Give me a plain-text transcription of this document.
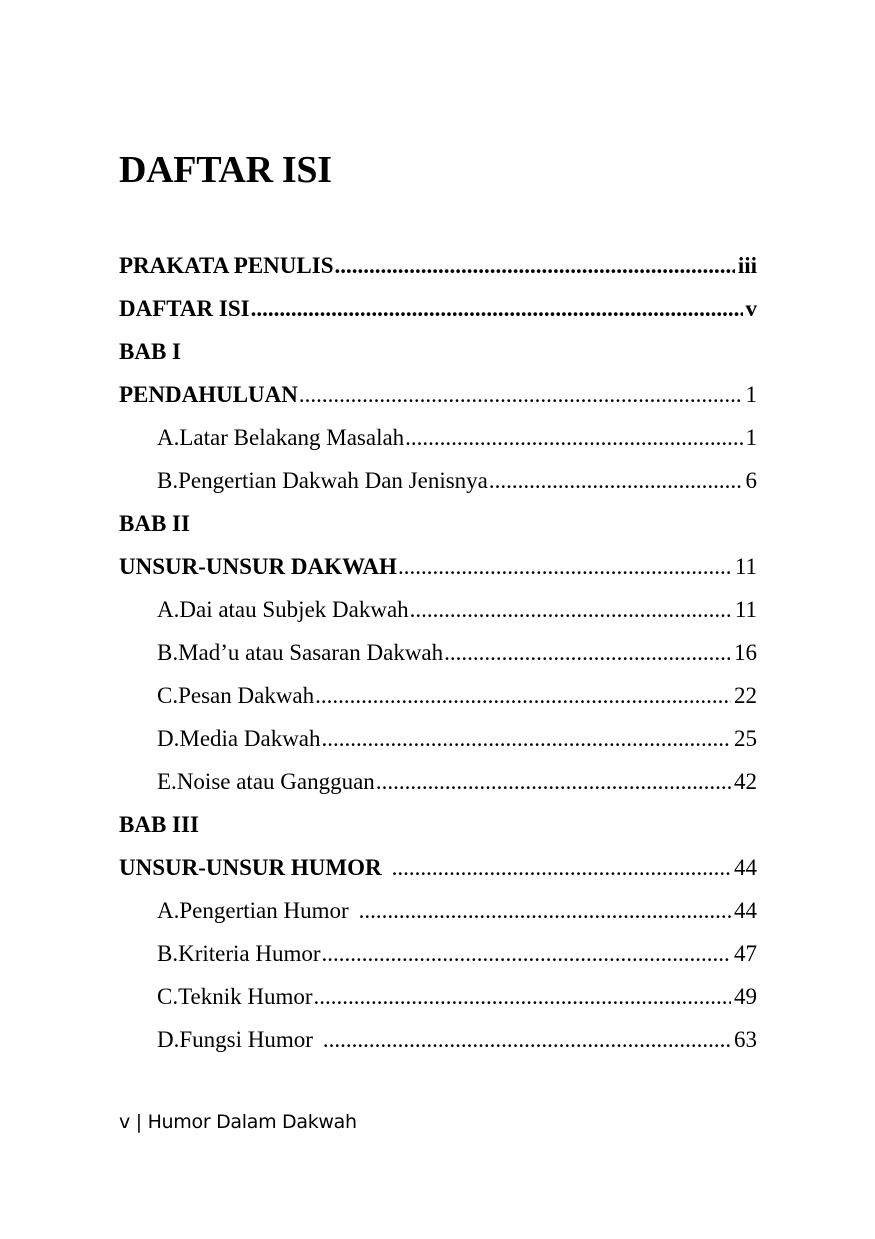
DAFTAR ISI
PRAKATA PENULIS .....	iii
DAFTAR ISI .....	v
BAB I
PENDAHULUAN .....	1
A. Latar Belakang Masalah .....	1
B. Pengertian Dakwah Dan Jenisnya .....	6
BAB II
UNSUR-UNSUR DAKWAH .....	11
A. Dai atau Subjek Dakwah .....	11
B. Mad’u atau Sasaran Dakwah .....	16
C. Pesan Dakwah .....	22
D. Media Dakwah .....	25
E. Noise atau Gangguan .....	42
BAB III
UNSUR-UNSUR HUMOR .....	44
A. Pengertian Humor .....	44
B. Kriteria Humor .....	47
C. Teknik Humor .....	49
D. Fungsi Humor .....	63
v | Humor Dalam Dakwah
